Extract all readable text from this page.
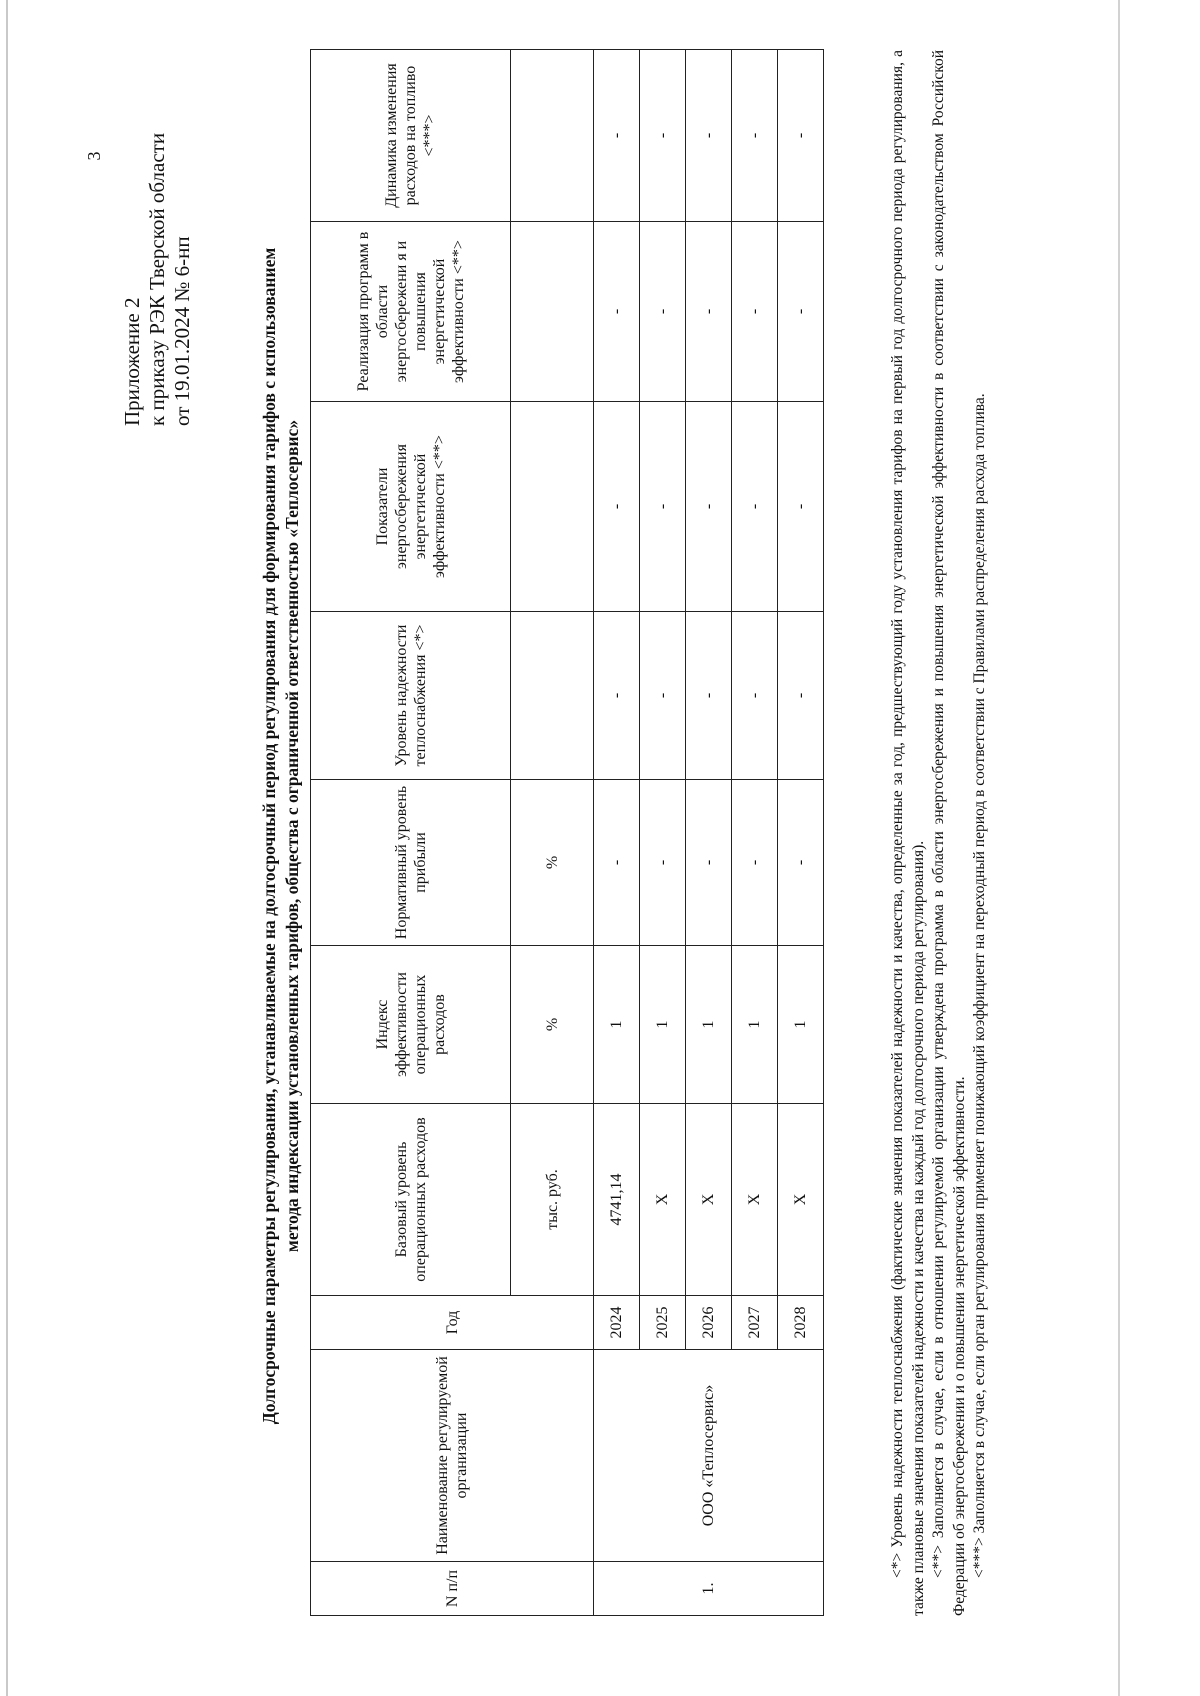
3
Приложение 2 к приказу РЭК Тверской области от 19.01.2024 № 6-нп	Долгосрочные параметры регулирования, устанавливаемые на долгосрочный период регулирования для формирования тарифов с использованием метода индексации установленных тарифов, общества с ограниченной ответственностью «Теплосервис»
N п/п	Наименование регулируемой организации	Год	Базовый уровень операционных расходов	Индекс эффективности операционных расходов	Нормативный уровень прибыли	Уровень надежности теплоснабжения <*>	Показатели энергосбережения энергетической эффективности <**>	Реализация программ в области энергосбережени я и повышения энергетической эффективности <**>	Динамика изменения расходов на топливо <***>
			тыс. руб.	%	%				
1.	ООО «Теплосервис»	2024	4741,14	1	-	-	-	-	-
		2025	X	1	-	-	-	-	-
		2026	X	1	-	-	-	-	-
		2027	X	1	-	-	-	-	-
		2028	X	1	-	-	-	-	-	<*> Уровень надежности теплоснабжения (фактические значения показателей надежности и качества, определенные за год, предшествующий году установления тарифов на первый год долгосрочного периода регулирования, а также плановые значения показателей надежности и качества на каждый год долгосрочного периода регулирования). <**> Заполняется в случае, если в отношении регулируемой организации утверждена программа в области энергосбережения и повышения энергетической эффективности в соответствии с законодательством Российской Федерации об энергосбережении и о повышении энергетической эффективности. <***> Заполняется в случае, если орган регулирования применяет понижающий коэффициент на переходный период в соответствии с Правилами распределения расхода топлива.
